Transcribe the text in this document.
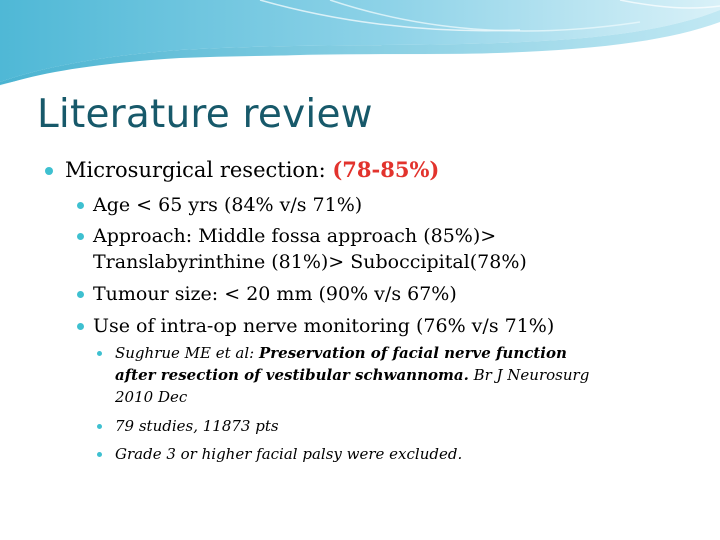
Literature review
Microsurgical resection: (78-85%)
Age < 65 yrs (84% v/s 71%)
Approach: Middle fossa approach (85%)>
Translabyrinthine (81%)> Suboccipital(78%)
Tumour size: < 20 mm (90% v/s 67%)
Use of intra-op nerve monitoring (76% v/s 71%)
Sughrue ME et al: Preservation of facial nerve function
after resection of vestibular schwannoma. Br J Neurosurg
2010 Dec
79 studies, 11873 pts
Grade 3 or higher facial palsy were excluded.
